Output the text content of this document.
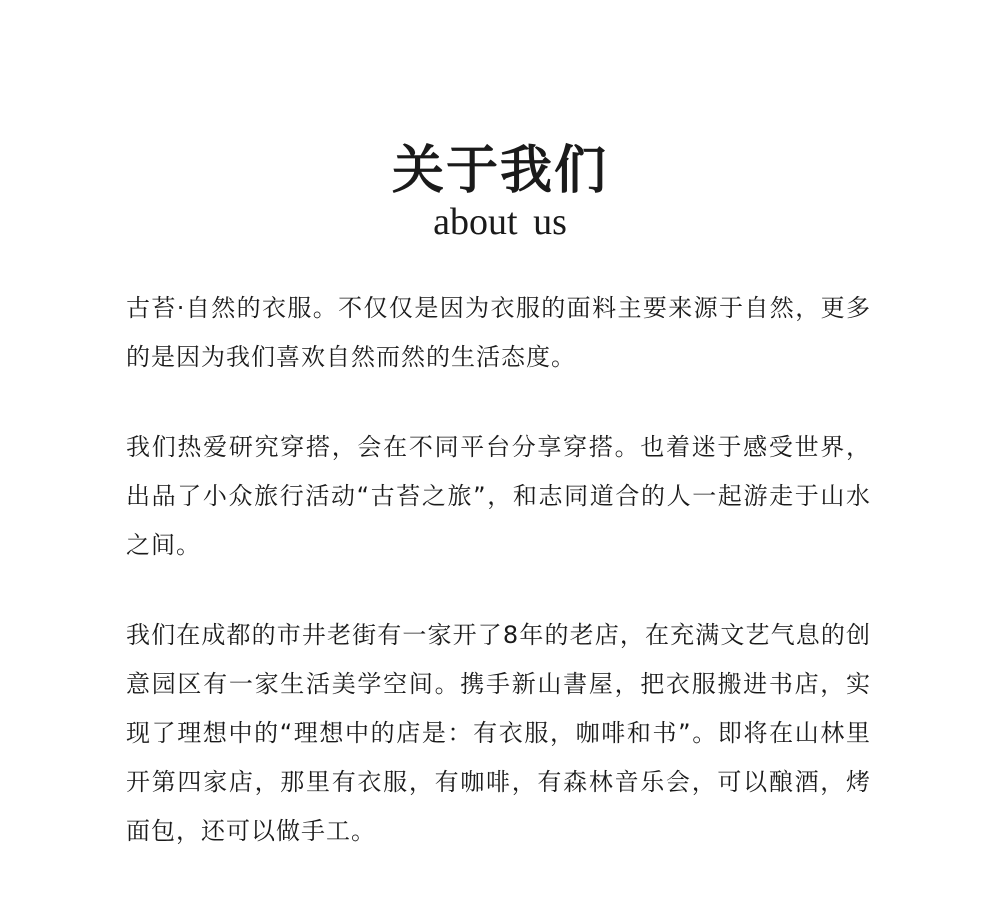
关于我们
about us

古苔·自然的衣服。不仅仅是因为衣服的面料主要来源于自然，更多的是因为我们喜欢自然而然的生活态度。

我们热爱研究穿搭，会在不同平台分享穿搭。也着迷于感受世界，出品了小众旅行活动“古苔之旅”，和志同道合的人一起游走于山水之间。

我们在成都的市井老街有一家开了8年的老店，在充满文艺气息的创意园区有一家生活美学空间。携手新山書屋，把衣服搬进书店，实现了理想中的“理想中的店是：有衣服，咖啡和书”。即将在山林里开第四家店，那里有衣服，有咖啡，有森林音乐会，可以酿酒，烤面包，还可以做手工。
